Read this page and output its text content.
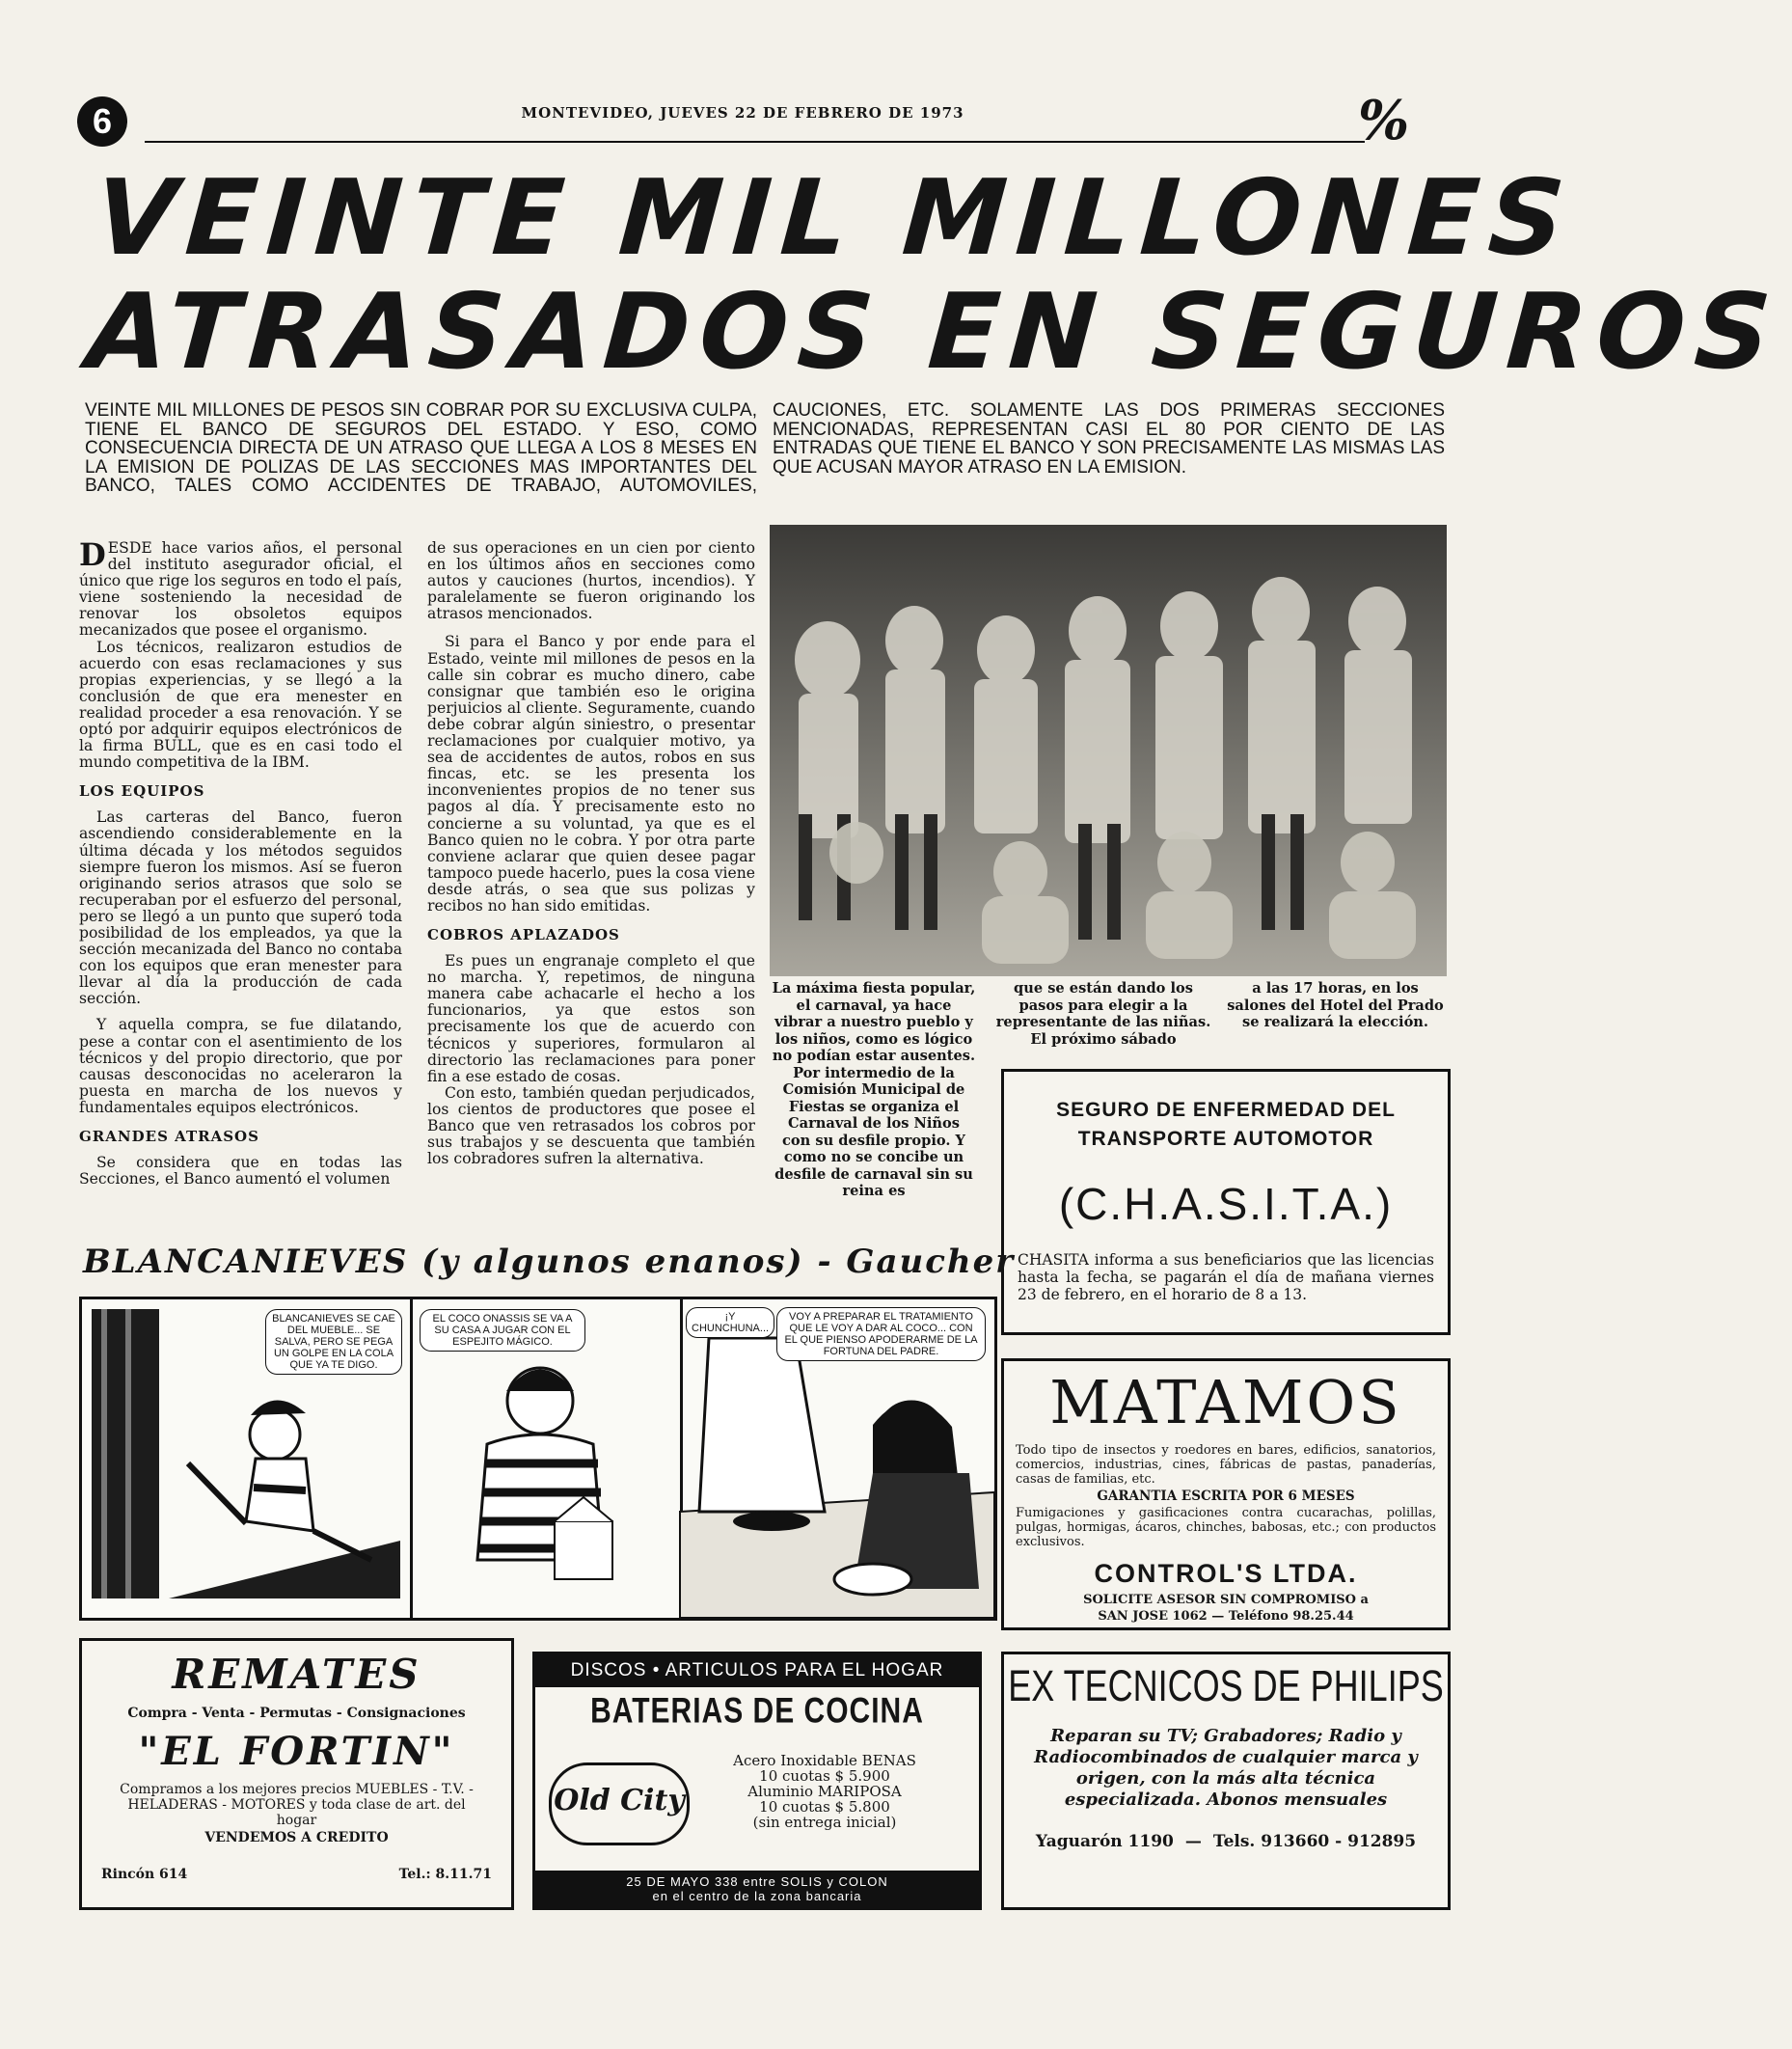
6	MONTEVIDEO, JUEVES 22 DE FEBRERO DE 1973	%
VEINTE MIL MILLONES
ATRASADOS EN SEGUROS
VEINTE MIL MILLONES DE PESOS SIN COBRAR POR SU EXCLUSIVA CULPA, TIENE EL BANCO DE SEGUROS DEL ESTADO. Y ESO, COMO CONSECUENCIA DIRECTA DE UN ATRASO QUE LLEGA A LOS 8 MESES EN LA EMISION DE POLIZAS DE LAS SECCIONES MAS IMPORTANTES DEL BANCO, TALES COMO ACCIDENTES DE TRABAJO, AUTOMOVILES, CAUCIONES, ETC. SOLAMENTE LAS DOS PRIMERAS SECCIONES MENCIONADAS, REPRESENTAN CASI EL 80 POR CIENTO DE LAS ENTRADAS QUE TIENE EL BANCO Y SON PRECISAMENTE LAS MISMAS LAS QUE ACUSAN MAYOR ATRASO EN LA EMISION.

DESDE hace varios años, el personal del instituto asegurador oficial, el único que rige los seguros en todo el país, viene sosteniendo la necesidad de renovar los obsoletos equipos mecanizados que posee el organismo.

Los técnicos, realizaron estudios de acuerdo con esas reclamaciones y sus propias experiencias, y se llegó a la conclusión de que era menester en realidad proceder a esa renovación. Y se optó por adquirir equipos electrónicos de la firma BULL, que es en casi todo el mundo competitiva de la IBM.

LOS EQUIPOS

Las carteras del Banco, fueron ascendiendo considerablemente en la última década y los métodos seguidos siempre fueron los mismos. Así se fueron originando serios atrasos que solo se recuperaban por el esfuerzo del personal, pero se llegó a un punto que superó toda posibilidad de los empleados, ya que la sección mecanizada del Banco no contaba con los equipos que eran menester para llevar al día la producción de cada sección.

Y aquella compra, se fue dilatando, pese a contar con el asentimiento de los técnicos y del propio directorio, que por causas desconocidas no aceleraron la puesta en marcha de los nuevos y fundamentales equipos electrónicos.

GRANDES ATRASOS

Se considera que en todas las Secciones, el Banco aumentó el volumen

de sus operaciones en un cien por ciento en los últimos años en secciones como autos y cauciones (hurtos, incendios). Y paralelamente se fueron originando los atrasos mencionados.

Si para el Banco y por ende para el Estado, veinte mil millones de pesos en la calle sin cobrar es mucho dinero, cabe consignar que también eso le origina perjuicios al cliente. Seguramente, cuando debe cobrar algún siniestro, o presentar reclamaciones por cualquier motivo, ya sea de accidentes de autos, robos en sus fincas, etc. se les presenta los inconvenientes propios de no tener sus pagos al día. Y precisamente esto no concierne a su voluntad, ya que es el Banco quien no le cobra. Y por otra parte conviene aclarar que quien desee pagar tampoco puede hacerlo, pues la cosa viene desde atrás, o sea que sus polizas y recibos no han sido emitidas.

COBROS APLAZADOS

Es pues un engranaje completo el que no marcha. Y, repetimos, de ninguna manera cabe achacarle el hecho a los funcionarios, ya que estos son precisamente los que de acuerdo con técnicos y superiores, formularon al directorio las reclamaciones para poner fin a ese estado de cosas.

Con esto, también quedan perjudicados, los cientos de productores que posee el Banco que ven retrasados los cobros por sus trabajos y se descuenta que también los cobradores sufren la alternativa.

La máxima fiesta popular, el carnaval, ya hace vibrar a nuestro pueblo y los niños, como es lógico no podían estar ausentes. Por intermedio de la Comisión Municipal de Fiestas se organiza el Carnaval de los Niños con su desfile propio. Y como no se concibe un desfile de carnaval sin su reina es
que se están dando los pasos para elegir a la representante de las niñas. El próximo sábado
a las 17 horas, en los salones del Hotel del Prado se realizará la elección.
SEGURO DE ENFERMEDAD DEL
TRANSPORTE AUTOMOTOR
(C.H.A.S.I.T.A.)
CHASITA informa a sus beneficiarios que las licencias hasta la fecha, se pagarán el día de mañana viernes 23 de febrero, en el horario de 8 a 13.
BLANCANIEVES (y algunos enanos) - Gaucher
BLANCANIEVES SE CAE DEL MUEBLE... SE SALVA, PERO SE PEGA UN GOLPE EN LA COLA QUE YA TE DIGO.
EL COCO ONASSIS SE VA A SU CASA A JUGAR CON EL ESPEJITO MÁGICO.
¡Y CHUNCHUNA...
VOY A PREPARAR EL TRATAMIENTO QUE LE VOY A DAR AL COCO... CON EL QUE PIENSO APODERARME DE LA FORTUNA DEL PADRE.
MATAMOS
Todo tipo de insectos y roedores en bares, edificios, sanatorios, comercios, industrias, cines, fábricas de pastas, panaderías, casas de familias, etc.
GARANTIA ESCRITA POR 6 MESES
Fumigaciones y gasificaciones contra cucarachas, polillas, pulgas, hormigas, ácaros, chinches, babosas, etc.; con productos exclusivos.
CONTROL'S LTDA.
SOLICITE ASESOR SIN COMPROMISO a
SAN JOSE 1062 — Teléfono 98.25.44
REMATES
Compra - Venta - Permutas - Consignaciones
"EL FORTIN"
Compramos a los mejores precios MUEBLES - T.V. - HELADERAS - MOTORES y toda clase de art. del hogar
VENDEMOS A CREDITO
Rincón 614	Tel.: 8.11.71
DISCOS • ARTICULOS PARA EL HOGAR
BATERIAS DE COCINA
Acero Inoxidable BENAS
10 cuotas $ 5.900
Aluminio MARIPOSA
10 cuotas $ 5.800
(sin entrega inicial)
Old City
25 DE MAYO 338 entre SOLIS y COLON
en el centro de la zona bancaria
EX TECNICOS DE PHILIPS
Reparan su TV; Grabadores; Radio y Radiocombinados de cualquier marca y origen, con la más alta técnica especializada. Abonos mensuales
Yaguarón 1190 — Tels. 913660 - 912895
